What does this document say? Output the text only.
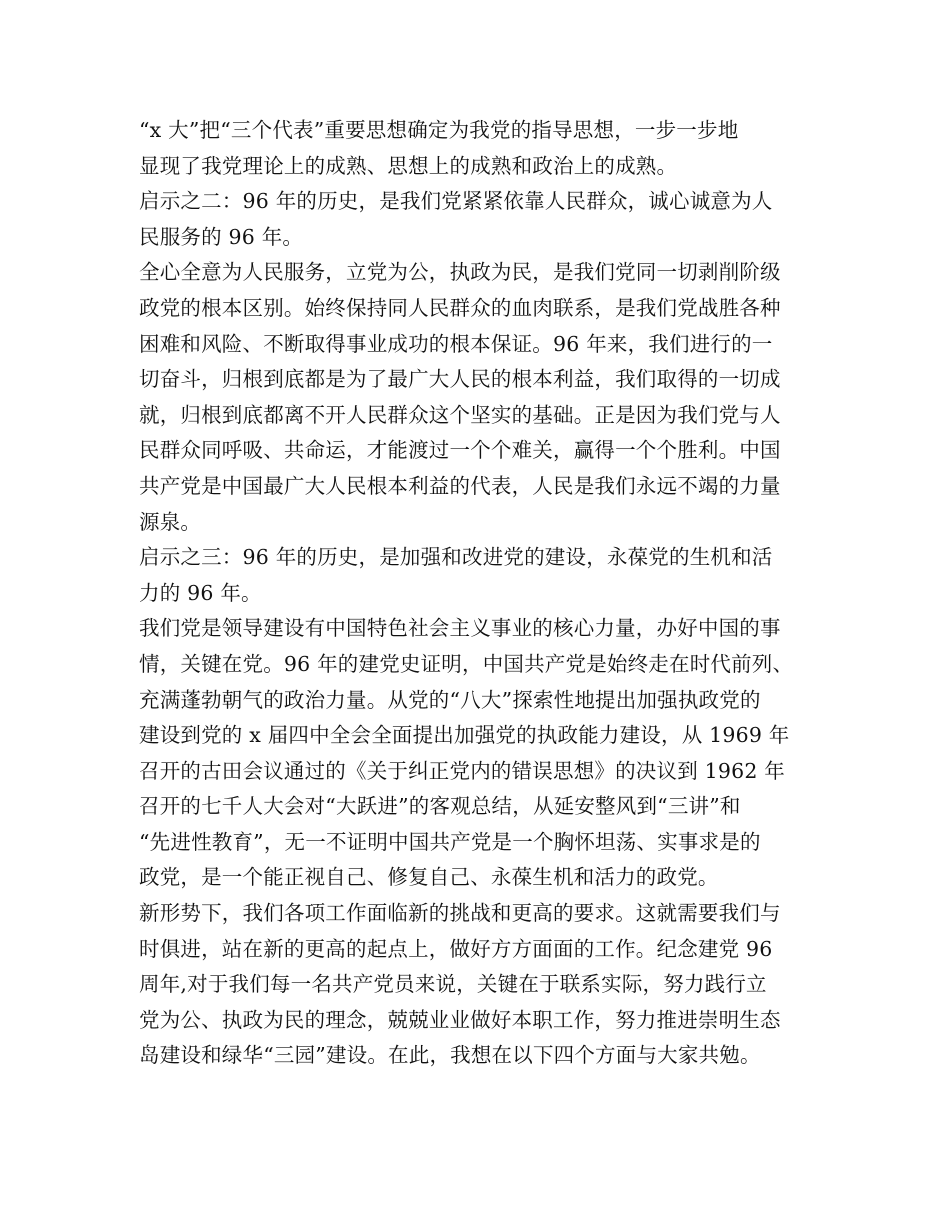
“x 大”把“三个代表”重要思想确定为我党的指导思想，一步一步地
显现了我党理论上的成熟、思想上的成熟和政治上的成熟。
启示之二：96 年的历史，是我们党紧紧依靠人民群众，诚心诚意为人
民服务的 96 年。
全心全意为人民服务，立党为公，执政为民，是我们党同一切剥削阶级
政党的根本区别。始终保持同人民群众的血肉联系，是我们党战胜各种
困难和风险、不断取得事业成功的根本保证。96 年来，我们进行的一
切奋斗，归根到底都是为了最广大人民的根本利益，我们取得的一切成
就，归根到底都离不开人民群众这个坚实的基础。正是因为我们党与人
民群众同呼吸、共命运，才能渡过一个个难关，赢得一个个胜利。中国
共产党是中国最广大人民根本利益的代表，人民是我们永远不竭的力量
源泉。
启示之三：96 年的历史，是加强和改进党的建设，永葆党的生机和活
力的 96 年。
我们党是领导建设有中国特色社会主义事业的核心力量，办好中国的事
情，关键在党。96 年的建党史证明，中国共产党是始终走在时代前列、
充满蓬勃朝气的政治力量。从党的“八大”探索性地提出加强执政党的
建设到党的 x 届四中全会全面提出加强党的执政能力建设，从 1969 年
召开的古田会议通过的《关于纠正党内的错误思想》的决议到 1962 年
召开的七千人大会对“大跃进”的客观总结，从延安整风到“三讲”和
“先进性教育”，无一不证明中国共产党是一个胸怀坦荡、实事求是的
政党，是一个能正视自己、修复自己、永葆生机和活力的政党。
新形势下，我们各项工作面临新的挑战和更高的要求。这就需要我们与
时俱进，站在新的更高的起点上，做好方方面面的工作。纪念建党 96
周年,对于我们每一名共产党员来说，关键在于联系实际，努力践行立
党为公、执政为民的理念，兢兢业业做好本职工作，努力推进崇明生态
岛建设和绿华“三园”建设。在此，我想在以下四个方面与大家共勉。
